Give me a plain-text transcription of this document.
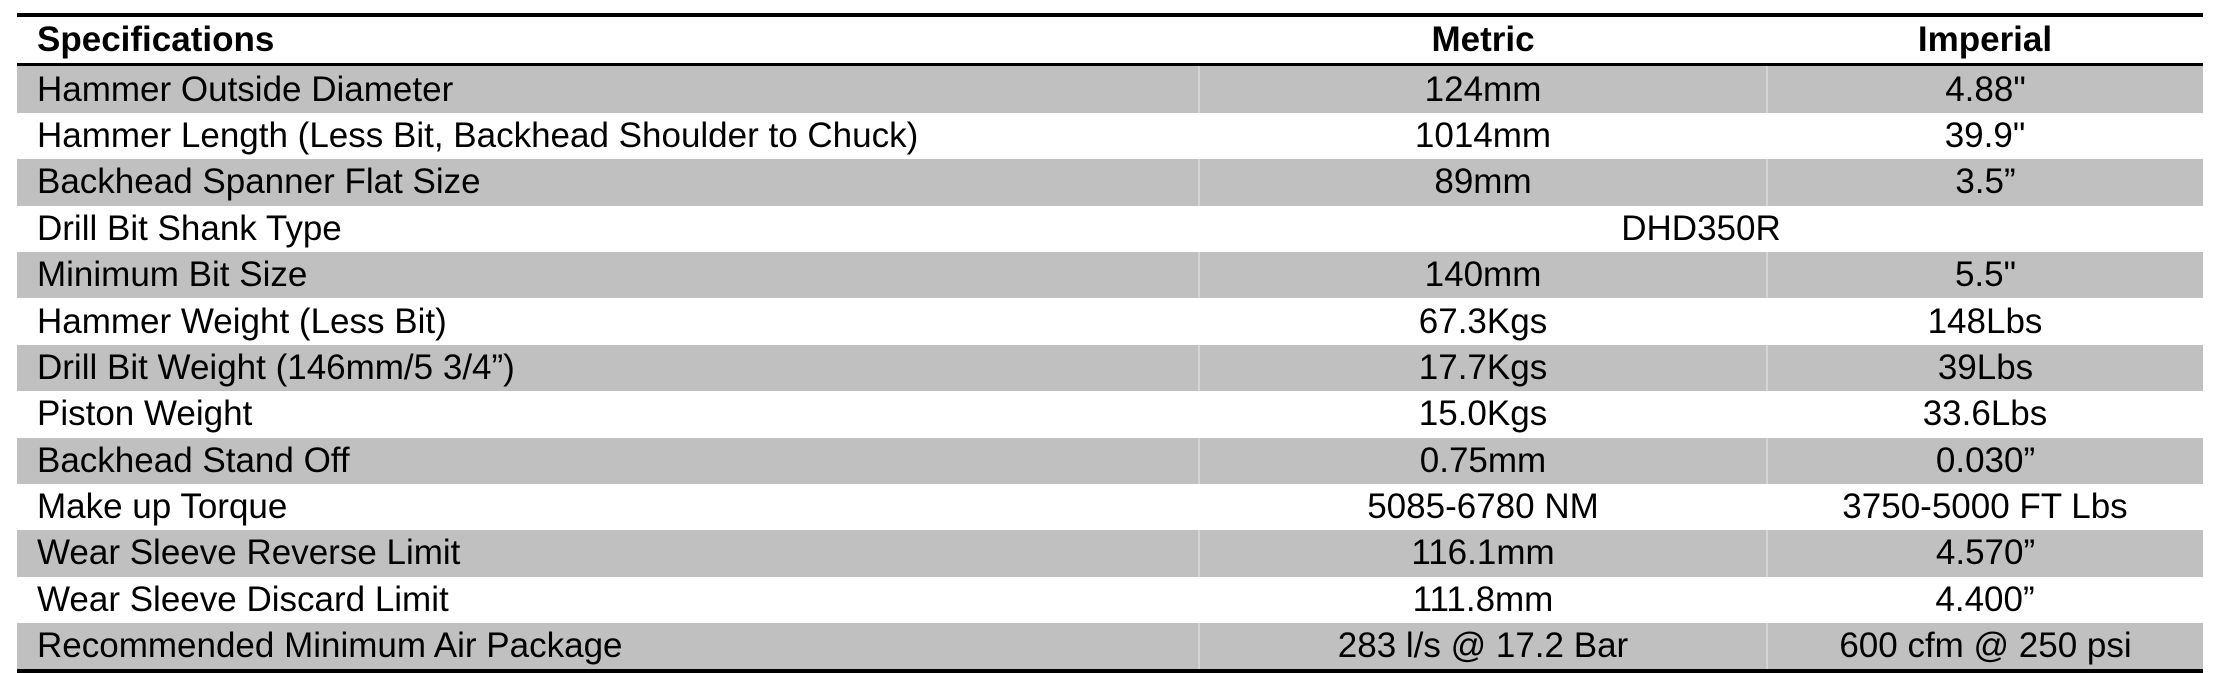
Specifications	Metric	Imperial
Hammer Outside Diameter	124mm	4.88"
Hammer Length (Less Bit, Backhead Shoulder to Chuck)	1014mm	39.9"
Backhead Spanner Flat Size	89mm	3.5”
Drill Bit Shank Type	DHD350R	
Minimum Bit Size	140mm	5.5"
Hammer Weight (Less Bit)	67.3Kgs	148Lbs
Drill Bit Weight (146mm/5 3/4”)	17.7Kgs	39Lbs
Piston Weight	15.0Kgs	33.6Lbs
Backhead Stand Off	0.75mm	0.030”
Make up Torque	5085-6780 NM	3750-5000 FT Lbs
Wear Sleeve Reverse Limit	116.1mm	4.570”
Wear Sleeve Discard Limit	111.8mm	4.400”
Recommended Minimum Air Package	283 l/s @ 17.2 Bar	600 cfm @ 250 psi
